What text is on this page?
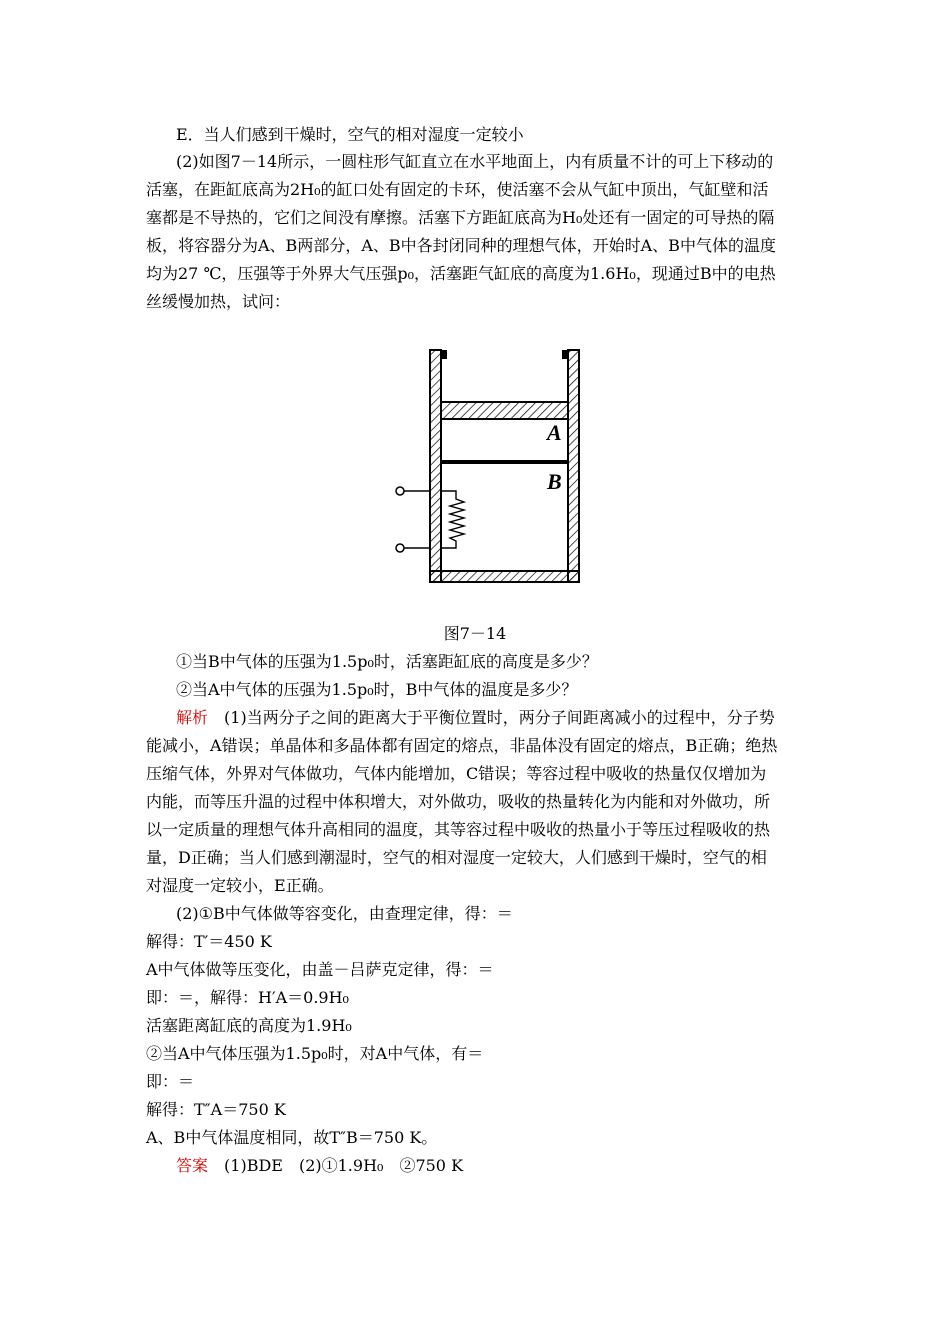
E．当人们感到干燥时，空气的相对湿度一定较小
(2)如图7－14所示，一圆柱形气缸直立在水平地面上，内有质量不计的可上下移动的
活塞，在距缸底高为2H₀的缸口处有固定的卡环，使活塞不会从气缸中顶出，气缸壁和活
塞都是不导热的，它们之间没有摩擦。活塞下方距缸底高为H₀处还有一固定的可导热的隔
板，将容器分为A、B两部分，A、B中各封闭同种的理想气体，开始时A、B中气体的温度
均为27 ℃，压强等于外界大气压强p₀，活塞距气缸底的高度为1.6H₀，现通过B中的电热
丝缓慢加热，试问：
A
B
图7－14
①当B中气体的压强为1.5p₀时，活塞距缸底的高度是多少？
②当A中气体的压强为1.5p₀时，B中气体的温度是多少？
解析　 (1)当两分子之间的距离大于平衡位置时，两分子间距离减小的过程中，分子势
能减小，A错误；单晶体和多晶体都有固定的熔点，非晶体没有固定的熔点，B正确；绝热
压缩气体，外界对气体做功，气体内能增加，C错误；等容过程中吸收的热量仅仅增加为
内能，而等压升温的过程中体积增大，对外做功，吸收的热量转化为内能和对外做功，所
以一定质量的理想气体升高相同的温度，其等容过程中吸收的热量小于等压过程吸收的热
量，D正确；当人们感到潮湿时，空气的相对湿度一定较大，人们感到干燥时，空气的相
对湿度一定较小，E正确。
(2)①B中气体做等容变化，由查理定律，得：＝
解得：T′＝450 K
A中气体做等压变化，由盖－吕萨克定律，得：＝
即：＝，解得：H′A＝0.9H₀
活塞距离缸底的高度为1.9H₀
②当A中气体压强为1.5p₀时，对A中气体，有＝
即：＝
解得：T″A＝750 K
A、B中气体温度相同，故T″B＝750 K。
答案　 (1)BDE　(2)①1.9H₀　②750 K
